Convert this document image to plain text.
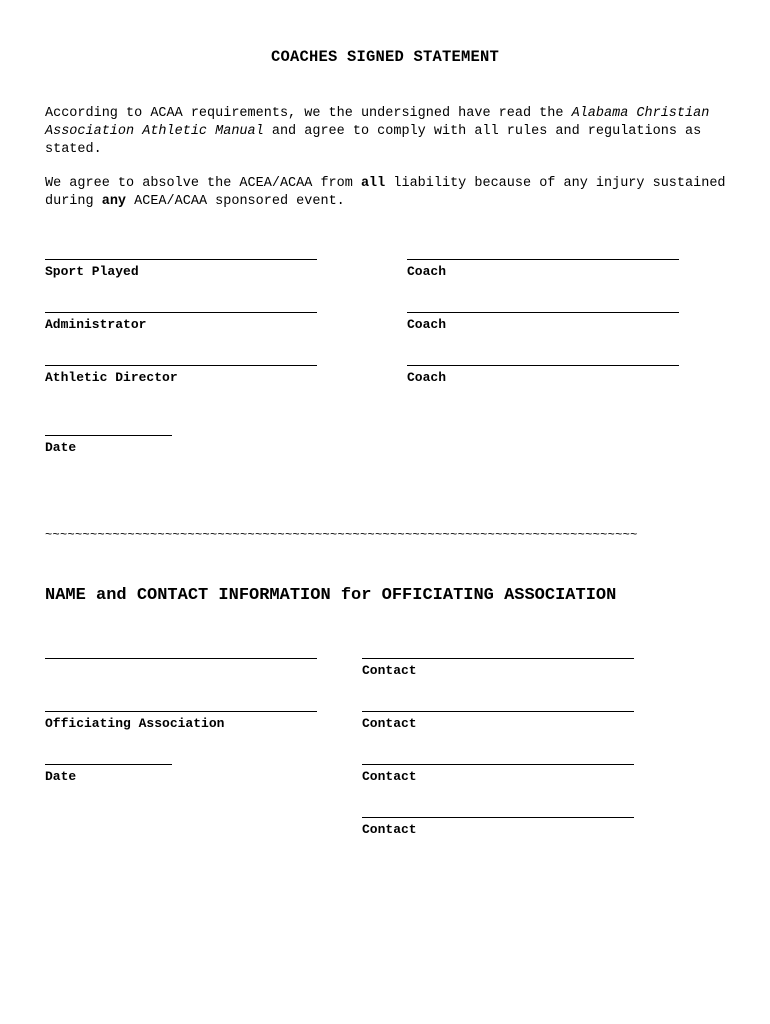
COACHES SIGNED STATEMENT
According to ACAA requirements, we the undersigned have read the Alabama Christian Association Athletic Manual and agree to comply with all rules and regulations as stated.
We agree to absolve the ACEA/ACAA from all liability because of any injury sustained during any ACEA/ACAA sponsored event.
Sport Played
Administrator
Athletic Director
Date
Coach
Coach
Coach
~~~~~~~~~~~~~~~~~~~~~~~~~~~~~~~~~~~~~~~~~~~~~~~~~~~~~~~~~~~~~~~~~~~~~~~~~~~~~~~
NAME and CONTACT INFORMATION for OFFICIATING ASSOCIATION
Officiating Association
Date
Contact
Contact
Contact
Contact
